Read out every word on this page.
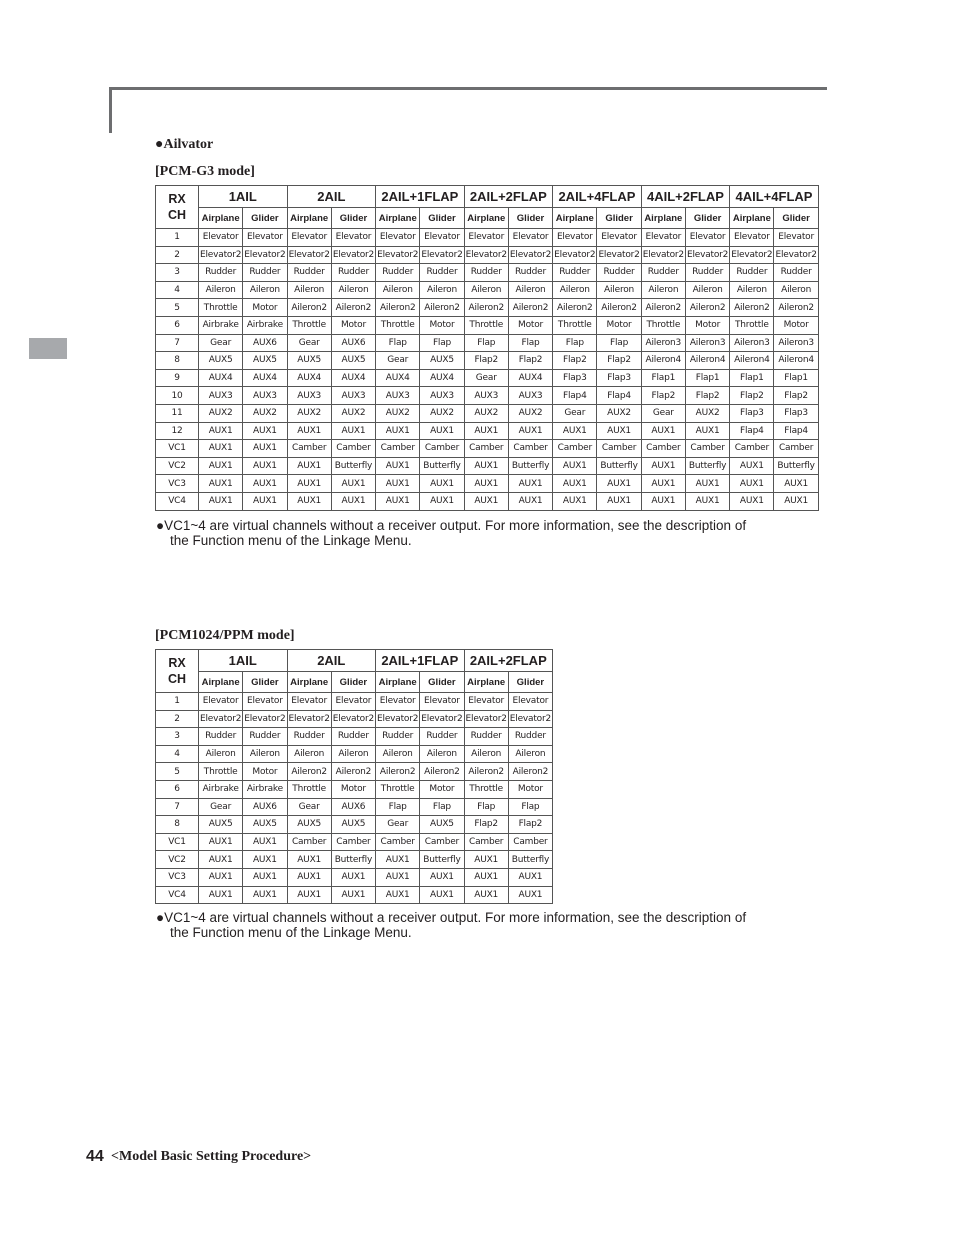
●Ailvator
[PCM-G3 mode]
RX
CH	1AIL		2AIL		2AIL+1FLAP		2AIL+2FLAP		2AIL+4FLAP		4AIL+2FLAP		4AIL+4FLAP	
	Airplane	Glider	Airplane	Glider	Airplane	Glider	Airplane	Glider	Airplane	Glider	Airplane	Glider	Airplane	Glider
1	Elevator	Elevator	Elevator	Elevator	Elevator	Elevator	Elevator	Elevator	Elevator	Elevator	Elevator	Elevator	Elevator	Elevator
2	Elevator2	Elevator2	Elevator2	Elevator2	Elevator2	Elevator2	Elevator2	Elevator2	Elevator2	Elevator2	Elevator2	Elevator2	Elevator2	Elevator2
3	Rudder	Rudder	Rudder	Rudder	Rudder	Rudder	Rudder	Rudder	Rudder	Rudder	Rudder	Rudder	Rudder	Rudder
4	Aileron	Aileron	Aileron	Aileron	Aileron	Aileron	Aileron	Aileron	Aileron	Aileron	Aileron	Aileron	Aileron	Aileron
5	Throttle	Motor	Aileron2	Aileron2	Aileron2	Aileron2	Aileron2	Aileron2	Aileron2	Aileron2	Aileron2	Aileron2	Aileron2	Aileron2
6	Airbrake	Airbrake	Throttle	Motor	Throttle	Motor	Throttle	Motor	Throttle	Motor	Throttle	Motor	Throttle	Motor
7	Gear	AUX6	Gear	AUX6	Flap	Flap	Flap	Flap	Flap	Flap	Aileron3	Aileron3	Aileron3	Aileron3
8	AUX5	AUX5	AUX5	AUX5	Gear	AUX5	Flap2	Flap2	Flap2	Flap2	Aileron4	Aileron4	Aileron4	Aileron4
9	AUX4	AUX4	AUX4	AUX4	AUX4	AUX4	Gear	AUX4	Flap3	Flap3	Flap1	Flap1	Flap1	Flap1
10	AUX3	AUX3	AUX3	AUX3	AUX3	AUX3	AUX3	AUX3	Flap4	Flap4	Flap2	Flap2	Flap2	Flap2
11	AUX2	AUX2	AUX2	AUX2	AUX2	AUX2	AUX2	AUX2	Gear	AUX2	Gear	AUX2	Flap3	Flap3
12	AUX1	AUX1	AUX1	AUX1	AUX1	AUX1	AUX1	AUX1	AUX1	AUX1	AUX1	AUX1	Flap4	Flap4
VC1	AUX1	AUX1	Camber	Camber	Camber	Camber	Camber	Camber	Camber	Camber	Camber	Camber	Camber	Camber
VC2	AUX1	AUX1	AUX1	Butterfly	AUX1	Butterfly	AUX1	Butterfly	AUX1	Butterfly	AUX1	Butterfly	AUX1	Butterfly
VC3	AUX1	AUX1	AUX1	AUX1	AUX1	AUX1	AUX1	AUX1	AUX1	AUX1	AUX1	AUX1	AUX1	AUX1
VC4	AUX1	AUX1	AUX1	AUX1	AUX1	AUX1	AUX1	AUX1	AUX1	AUX1	AUX1	AUX1	AUX1	AUX1
●VC1~4 are virtual channels without a receiver output. For more information, see the description of
the Function menu of the Linkage Menu.
[PCM1024/PPM mode]
RX
CH	1AIL		2AIL		2AIL+1FLAP		2AIL+2FLAP	
	Airplane	Glider	Airplane	Glider	Airplane	Glider	Airplane	Glider
1	Elevator	Elevator	Elevator	Elevator	Elevator	Elevator	Elevator	Elevator
2	Elevator2	Elevator2	Elevator2	Elevator2	Elevator2	Elevator2	Elevator2	Elevator2
3	Rudder	Rudder	Rudder	Rudder	Rudder	Rudder	Rudder	Rudder
4	Aileron	Aileron	Aileron	Aileron	Aileron	Aileron	Aileron	Aileron
5	Throttle	Motor	Aileron2	Aileron2	Aileron2	Aileron2	Aileron2	Aileron2
6	Airbrake	Airbrake	Throttle	Motor	Throttle	Motor	Throttle	Motor
7	Gear	AUX6	Gear	AUX6	Flap	Flap	Flap	Flap
8	AUX5	AUX5	AUX5	AUX5	Gear	AUX5	Flap2	Flap2
VC1	AUX1	AUX1	Camber	Camber	Camber	Camber	Camber	Camber
VC2	AUX1	AUX1	AUX1	Butterfly	AUX1	Butterfly	AUX1	Butterfly
VC3	AUX1	AUX1	AUX1	AUX1	AUX1	AUX1	AUX1	AUX1
VC4	AUX1	AUX1	AUX1	AUX1	AUX1	AUX1	AUX1	AUX1
●VC1~4 are virtual channels without a receiver output. For more information, see the description of
the Function menu of the Linkage Menu.
44 <Model Basic Setting Procedure>
